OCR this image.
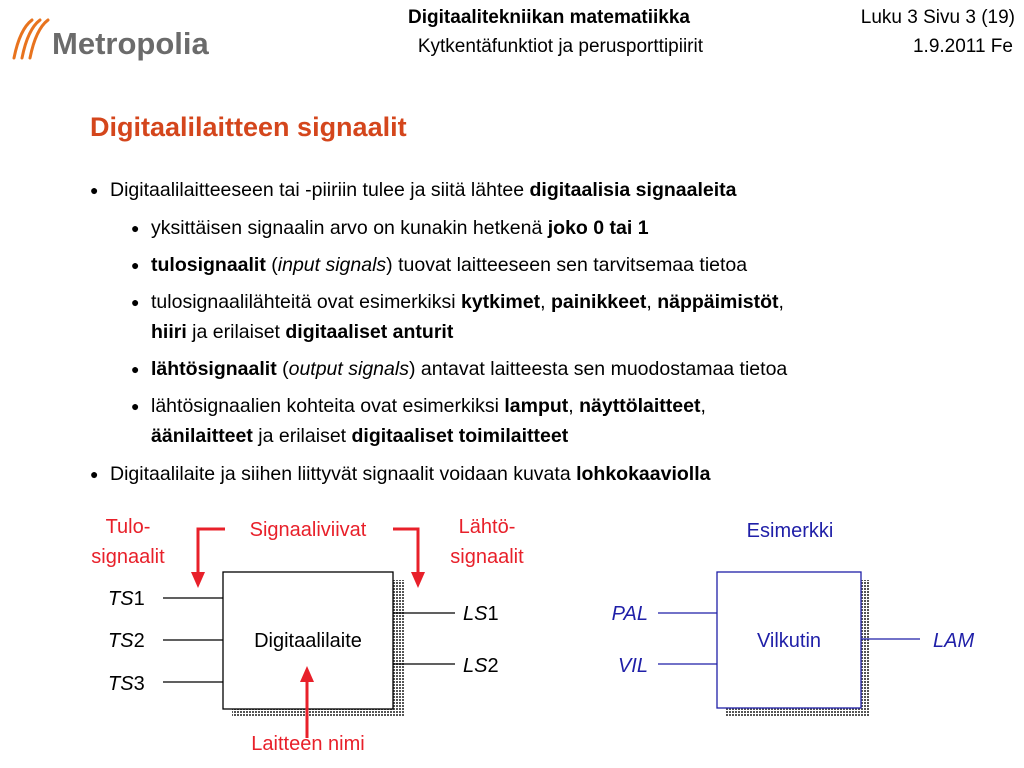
Metropolia
Digitaalitekniikan matematiikka
Kytkentäfunktiot ja perusporttipiirit
Luku 3 Sivu 3 (19)
1.9.2011 Fe
Digitaalilaitteen signaalit
● Digitaalilaitteeseen tai -piiriin tulee ja siitä lähtee digitaalisia signaaleita
● yksittäisen signaalin arvo on kunakin hetkenä joko 0 tai 1
● tulosignaalit (input signals) tuovat laitteeseen sen tarvitsemaa tietoa
● tulosignaalilähteitä ovat esimerkiksi kytkimet, painikkeet, näppäimistöt,
hiiri ja erilaiset digitaaliset anturit
● lähtösignaalit (output signals) antavat laitteesta sen muodostamaa tietoa
● lähtösignaalien kohteita ovat esimerkiksi lamput, näyttölaitteet,
äänilaitteet ja erilaiset digitaaliset toimilaitteet
● Digitaalilaite ja siihen liittyvät signaalit voidaan kuvata lohkokaaviolla
Digitaalilaite
TS1
TS2
TS3
LS1
LS2
Tulo-
signaalit
Signaaliviivat	Lähtö-
signaalit
Laitteen nimi
Esimerkki
Vilkutin
PAL
VIL
LAM
